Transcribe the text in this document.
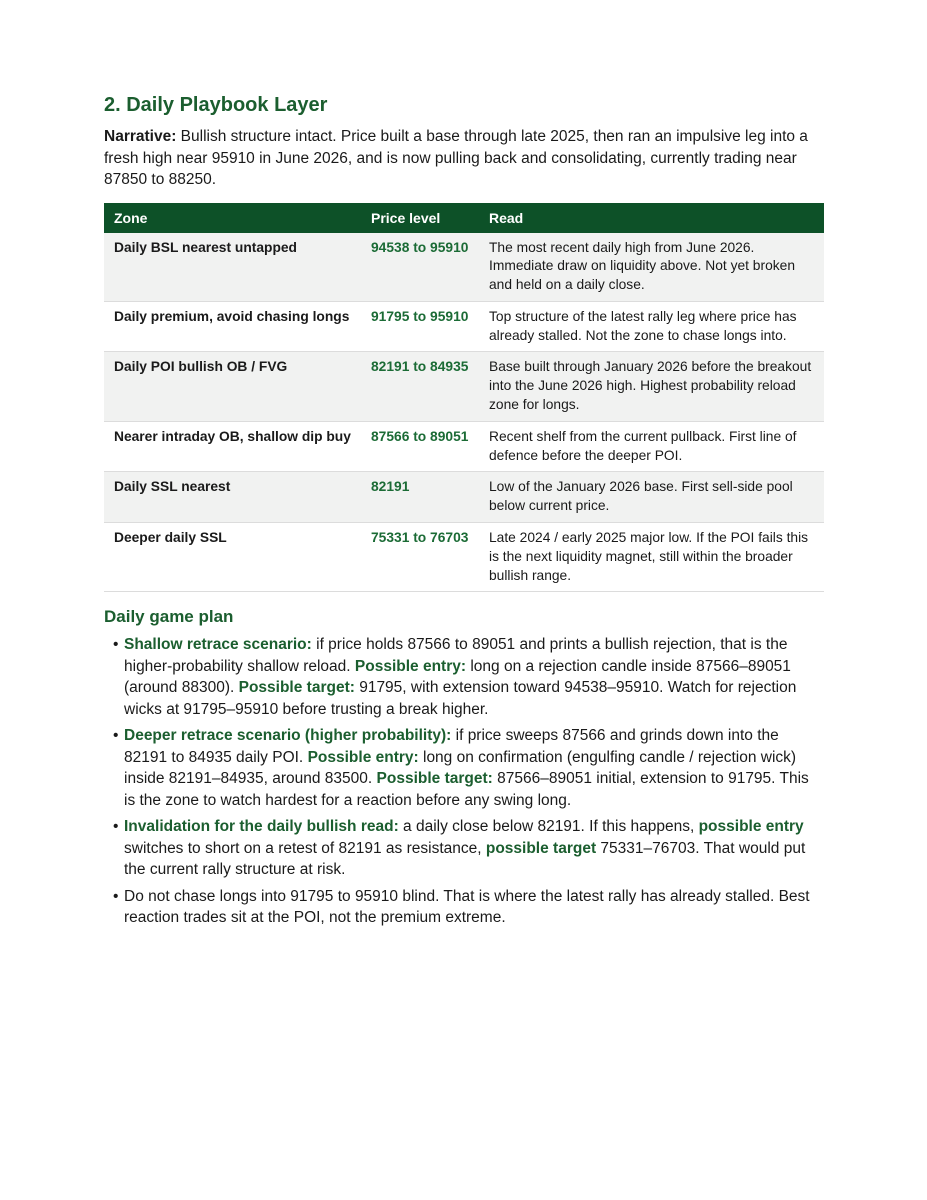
2. Daily Playbook Layer

Narrative: Bullish structure intact. Price built a base through late 2025, then ran an impulsive leg into a fresh high near 95910 in June 2026, and is now pulling back and consolidating, currently trading near 87850 to 88250.

Zone	Price level	Read
Daily BSL nearest untapped	94538 to 95910	The most recent daily high from June 2026. Immediate draw on liquidity above. Not yet broken and held on a daily close.
Daily premium, avoid chasing longs	91795 to 95910	Top structure of the latest rally leg where price has already stalled. Not the zone to chase longs into.
Daily POI bullish OB / FVG	82191 to 84935	Base built through January 2026 before the breakout into the June 2026 high. Highest probability reload zone for longs.
Nearer intraday OB, shallow dip buy	87566 to 89051	Recent shelf from the current pullback. First line of defence before the deeper POI.
Daily SSL nearest	82191	Low of the January 2026 base. First sell-side pool below current price.
Deeper daily SSL	75331 to 76703	Late 2024 / early 2025 major low. If the POI fails this is the next liquidity magnet, still within the broader bullish range.
Daily game plan
• Shallow retrace scenario: if price holds 87566 to 89051 and prints a bullish rejection, that is the higher-probability shallow reload. Possible entry: long on a rejection candle inside 87566–89051 (around 88300). Possible target: 91795, with extension toward 94538–95910. Watch for rejection wicks at 91795–95910 before trusting a break higher.
• Deeper retrace scenario (higher probability): if price sweeps 87566 and grinds down into the 82191 to 84935 daily POI. Possible entry: long on confirmation (engulfing candle / rejection wick) inside 82191–84935, around 83500. Possible target: 87566–89051 initial, extension to 91795. This is the zone to watch hardest for a reaction before any swing long.
• Invalidation for the daily bullish read: a daily close below 82191. If this happens, possible entry switches to short on a retest of 82191 as resistance, possible target 75331–76703. That would put the current rally structure at risk.
• Do not chase longs into 91795 to 95910 blind. That is where the latest rally has already stalled. Best reaction trades sit at the POI, not the premium extreme.
